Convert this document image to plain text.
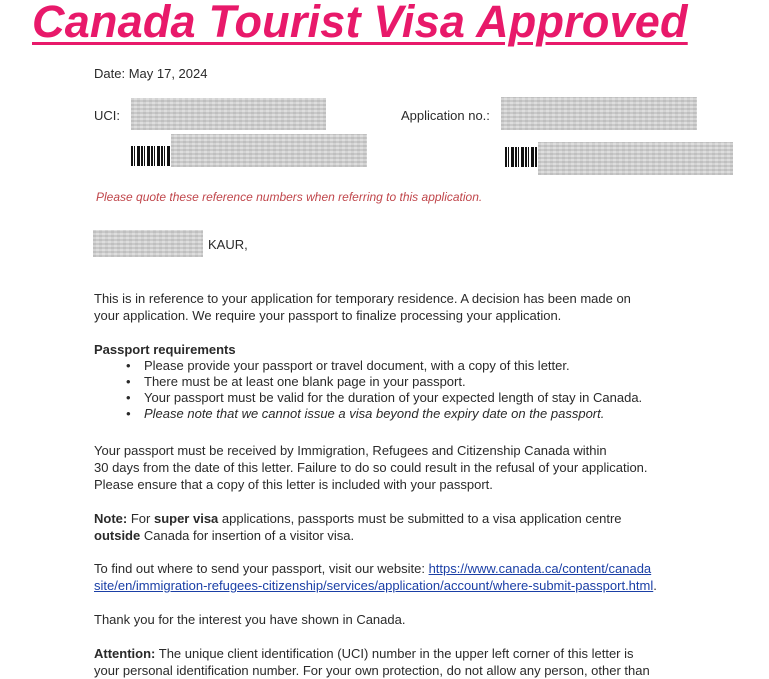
Canada Tourist Visa Approved
Date: May 17, 2024
UCI:	Application no.:
Please quote these reference numbers when referring to this application.
KAUR,

This is in reference to your application for temporary residence. A decision has been made on

your application. We require your passport to finalize processing your application.

Passport requirements

• Please provide your passport or travel document, with a copy of this letter.
• There must be at least one blank page in your passport.
• Your passport must be valid for the duration of your expected length of stay in Canada.
• Please note that we cannot issue a visa beyond the expiry date on the passport.

Your passport must be received by Immigration, Refugees and Citizenship Canada within

30 days from the date of this letter. Failure to do so could result in the refusal of your application.

Please ensure that a copy of this letter is included with your passport.

Note: For super visa applications, passports must be submitted to a visa application centre

outside Canada for insertion of a visitor visa.

To find out where to send your passport, visit our website: https://www.canada.ca/content/canada

site/en/immigration-refugees-citizenship/services/application/account/where-submit-passport.html.

Thank you for the interest you have shown in Canada.

Attention: The unique client identification (UCI) number in the upper left corner of this letter is

your personal identification number. For your own protection, do not allow any person, other than
